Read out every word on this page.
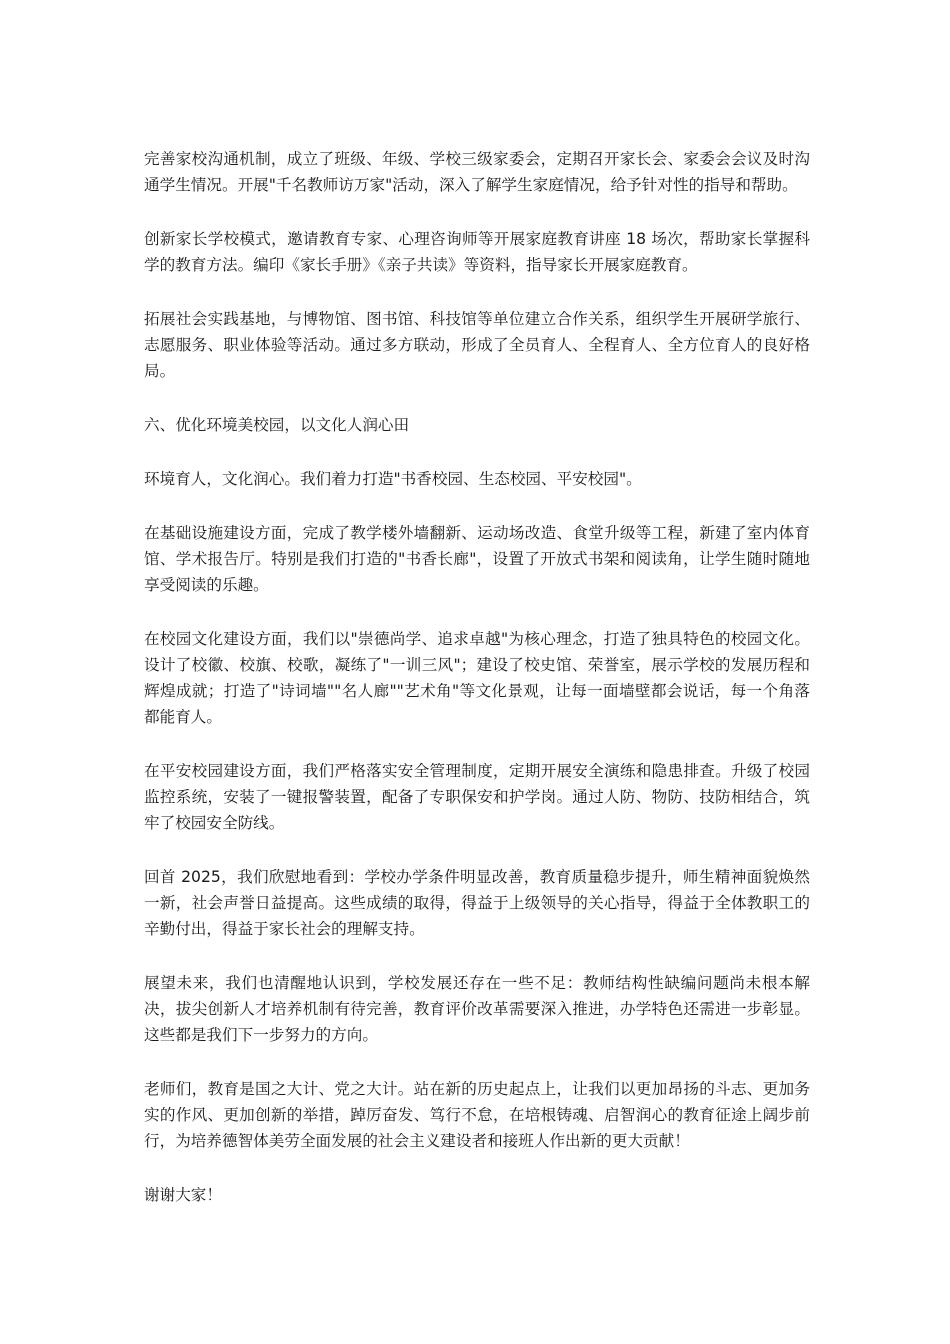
完善家校沟通机制，成立了班级、年级、学校三级家委会，定期召开家长会、家委会会议及时沟通学生情况。开展"千名教师访万家"活动，深入了解学生家庭情况，给予针对性的指导和帮助。

创新家长学校模式，邀请教育专家、心理咨询师等开展家庭教育讲座 18 场次，帮助家长掌握科学的教育方法。编印《家长手册》《亲子共读》等资料，指导家长开展家庭教育。

拓展社会实践基地，与博物馆、图书馆、科技馆等单位建立合作关系，组织学生开展研学旅行、志愿服务、职业体验等活动。通过多方联动，形成了全员育人、全程育人、全方位育人的良好格局。

六、优化环境美校园，以文化人润心田

环境育人，文化润心。我们着力打造"书香校园、生态校园、平安校园"。

在基础设施建设方面，完成了教学楼外墙翻新、运动场改造、食堂升级等工程，新建了室内体育馆、学术报告厅。特别是我们打造的"书香长廊"，设置了开放式书架和阅读角，让学生随时随地享受阅读的乐趣。

在校园文化建设方面，我们以"崇德尚学、追求卓越"为核心理念，打造了独具特色的校园文化。设计了校徽、校旗、校歌，凝练了"一训三风"；建设了校史馆、荣誉室，展示学校的发展历程和辉煌成就；打造了"诗词墙""名人廊""艺术角"等文化景观，让每一面墙壁都会说话，每一个角落都能育人。

在平安校园建设方面，我们严格落实安全管理制度，定期开展安全演练和隐患排查。升级了校园监控系统，安装了一键报警装置，配备了专职保安和护学岗。通过人防、物防、技防相结合，筑牢了校园安全防线。

回首 2025，我们欣慰地看到：学校办学条件明显改善，教育质量稳步提升，师生精神面貌焕然一新，社会声誉日益提高。这些成绩的取得，得益于上级领导的关心指导，得益于全体教职工的辛勤付出，得益于家长社会的理解支持。

展望未来，我们也清醒地认识到，学校发展还存在一些不足：教师结构性缺编问题尚未根本解决，拔尖创新人才培养机制有待完善，教育评价改革需要深入推进，办学特色还需进一步彰显。这些都是我们下一步努力的方向。

老师们，教育是国之大计、党之大计。站在新的历史起点上，让我们以更加昂扬的斗志、更加务实的作风、更加创新的举措，踔厉奋发、笃行不怠，在培根铸魂、启智润心的教育征途上阔步前行，为培养德智体美劳全面发展的社会主义建设者和接班人作出新的更大贡献！

谢谢大家！
